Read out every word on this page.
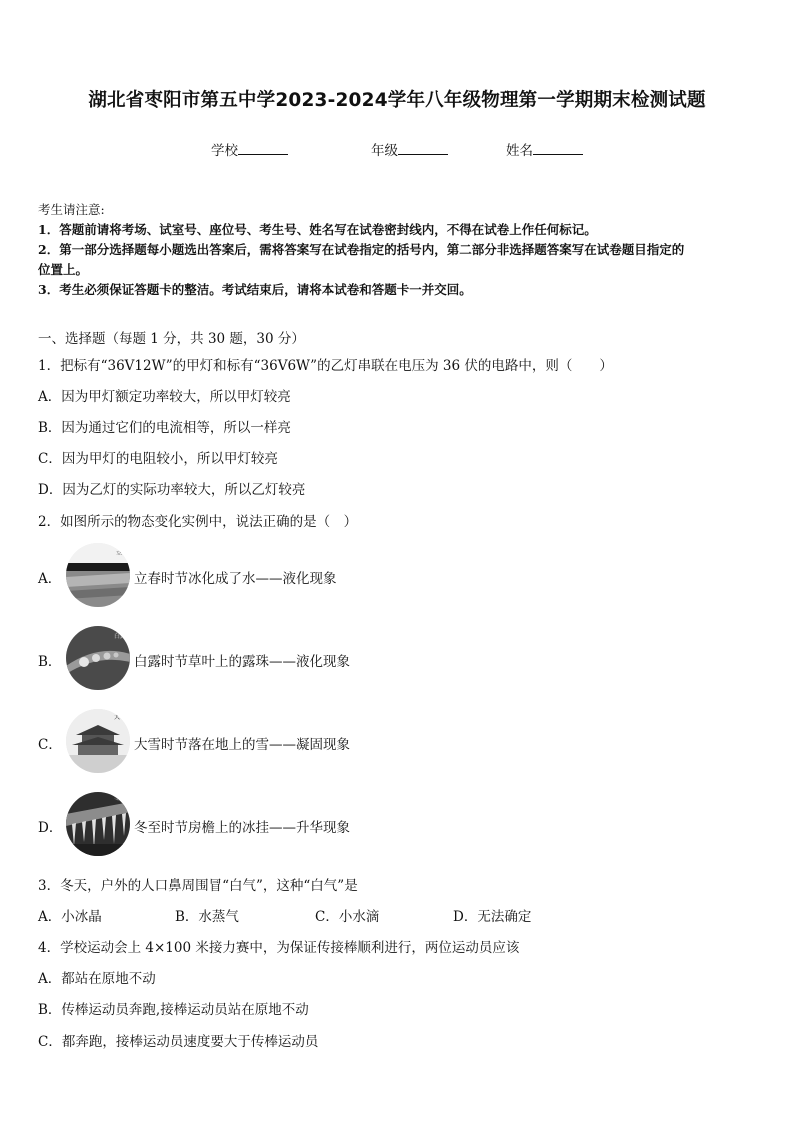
湖北省枣阳市第五中学2023-2024学年八年级物理第一学期期末检测试题
学校	年级	姓名
考生请注意:
1．答题前请将考场、试室号、座位号、考生号、姓名写在试卷密封线内，不得在试卷上作任何标记。
2．第一部分选择题每小题选出答案后，需将答案写在试卷指定的括号内，第二部分非选择题答案写在试卷题目指定的
位置上。
3．考生必须保证答题卡的整洁。考试结束后，请将本试卷和答题卡一并交回。
一、选择题（每题 1 分，共 30 题，30 分）
1．把标有“36V12W”的甲灯和标有“36V6W”的乙灯串联在电压为 36 伏的电路中，则（　　）
A．因为甲灯额定功率较大，所以甲灯较亮
B．因为通过它们的电流相等，所以一样亮
C．因为甲灯的电阻较小，所以甲灯较亮
D．因为乙灯的实际功率较大，所以乙灯较亮
2．如图所示的物态变化实例中，说法正确的是（　）
A．
立春
立春时节冰化成了水——液化现象
B．
白露
白露时节草叶上的露珠——液化现象
C．
大雪
大雪时节落在地上的雪——凝固现象
D．
冬至
冬至时节房檐上的冰挂——升华现象
3．冬天，户外的人口鼻周围冒“白气”，这种“白气”是
A．小冰晶	B．水蒸气	C．小水滴	D．无法确定
4．学校运动会上 4×100 米接力赛中，为保证传接棒顺利进行，两位运动员应该
A．都站在原地不动
B．传棒运动员奔跑,接棒运动员站在原地不动
C．都奔跑，接棒运动员速度要大于传棒运动员
